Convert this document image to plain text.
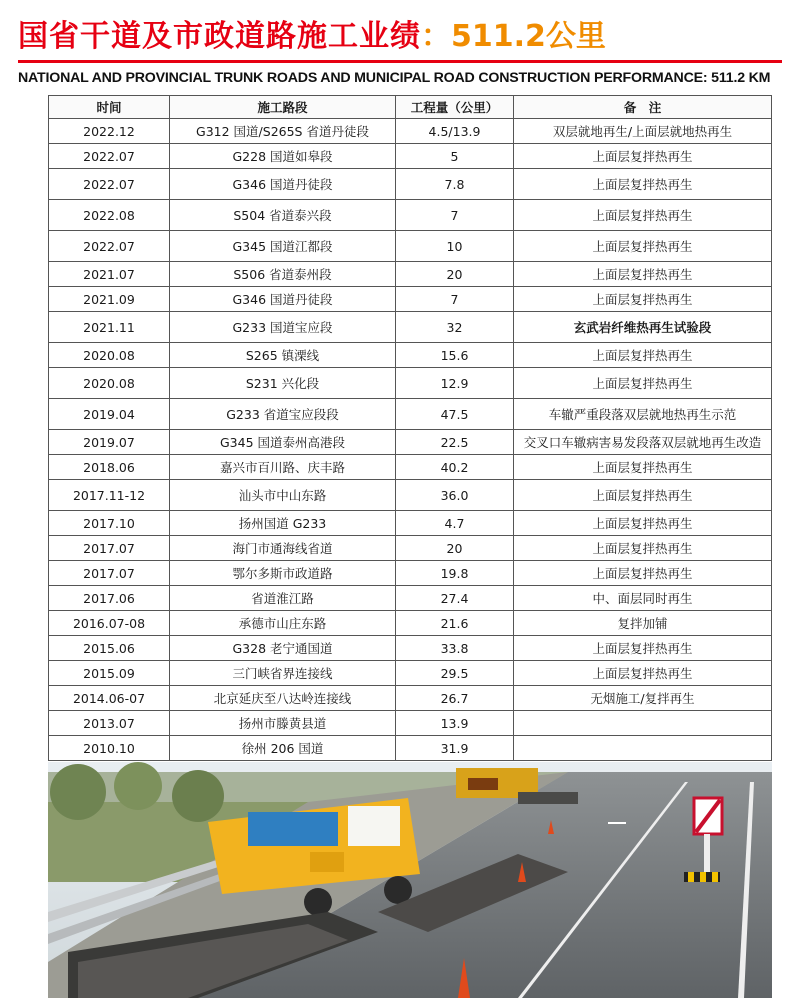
国省干道及市政道路施工业绩 ： 511.2公里
NATIONAL AND PROVINCIAL TRUNK ROADS AND MUNICIPAL ROAD CONSTRUCTION PERFORMANCE: 511.2 KM
时间	施工路段	工程量（公里）	备　注
2022.12	G312 国道/S265S 省道丹徒段	4.5/13.9	双层就地再生/上面层就地热再生
2022.07	G228 国道如皋段	5	上面层复拌热再生
2022.07	G346 国道丹徒段	7.8	上面层复拌热再生
2022.08	S504 省道泰兴段	7	上面层复拌热再生
2022.07	G345 国道江都段	10	上面层复拌热再生
2021.07	S506 省道泰州段	20	上面层复拌热再生
2021.09	G346 国道丹徒段	7	上面层复拌热再生
2021.11	G233 国道宝应段	32	玄武岩纤维热再生试验段
2020.08	S265 镇溧线	15.6	上面层复拌热再生
2020.08	S231 兴化段	12.9	上面层复拌热再生
2019.04	G233 省道宝应段段	47.5	车辙严重段落双层就地热再生示范
2019.07	G345 国道泰州高港段	22.5	交叉口车辙病害易发段落双层就地再生改造
2018.06	嘉兴市百川路、庆丰路	40.2	上面层复拌热再生
2017.11-12	汕头市中山东路	36.0	上面层复拌热再生
2017.10	扬州国道 G233	4.7	上面层复拌热再生
2017.07	海门市通海线省道	20	上面层复拌热再生
2017.07	鄂尔多斯市政道路	19.8	上面层复拌热再生
2017.06	省道淮江路	27.4	中、面层同时再生
2016.07-08	承德市山庄东路	21.6	复拌加铺
2015.06	G328 老宁通国道	33.8	上面层复拌热再生
2015.09	三门峡省界连接线	29.5	上面层复拌热再生
2014.06-07	北京延庆至八达岭连接线	26.7	无烟施工/复拌再生
2013.07	扬州市滕黄县道	13.9	
2010.10	徐州 206 国道	31.9	
